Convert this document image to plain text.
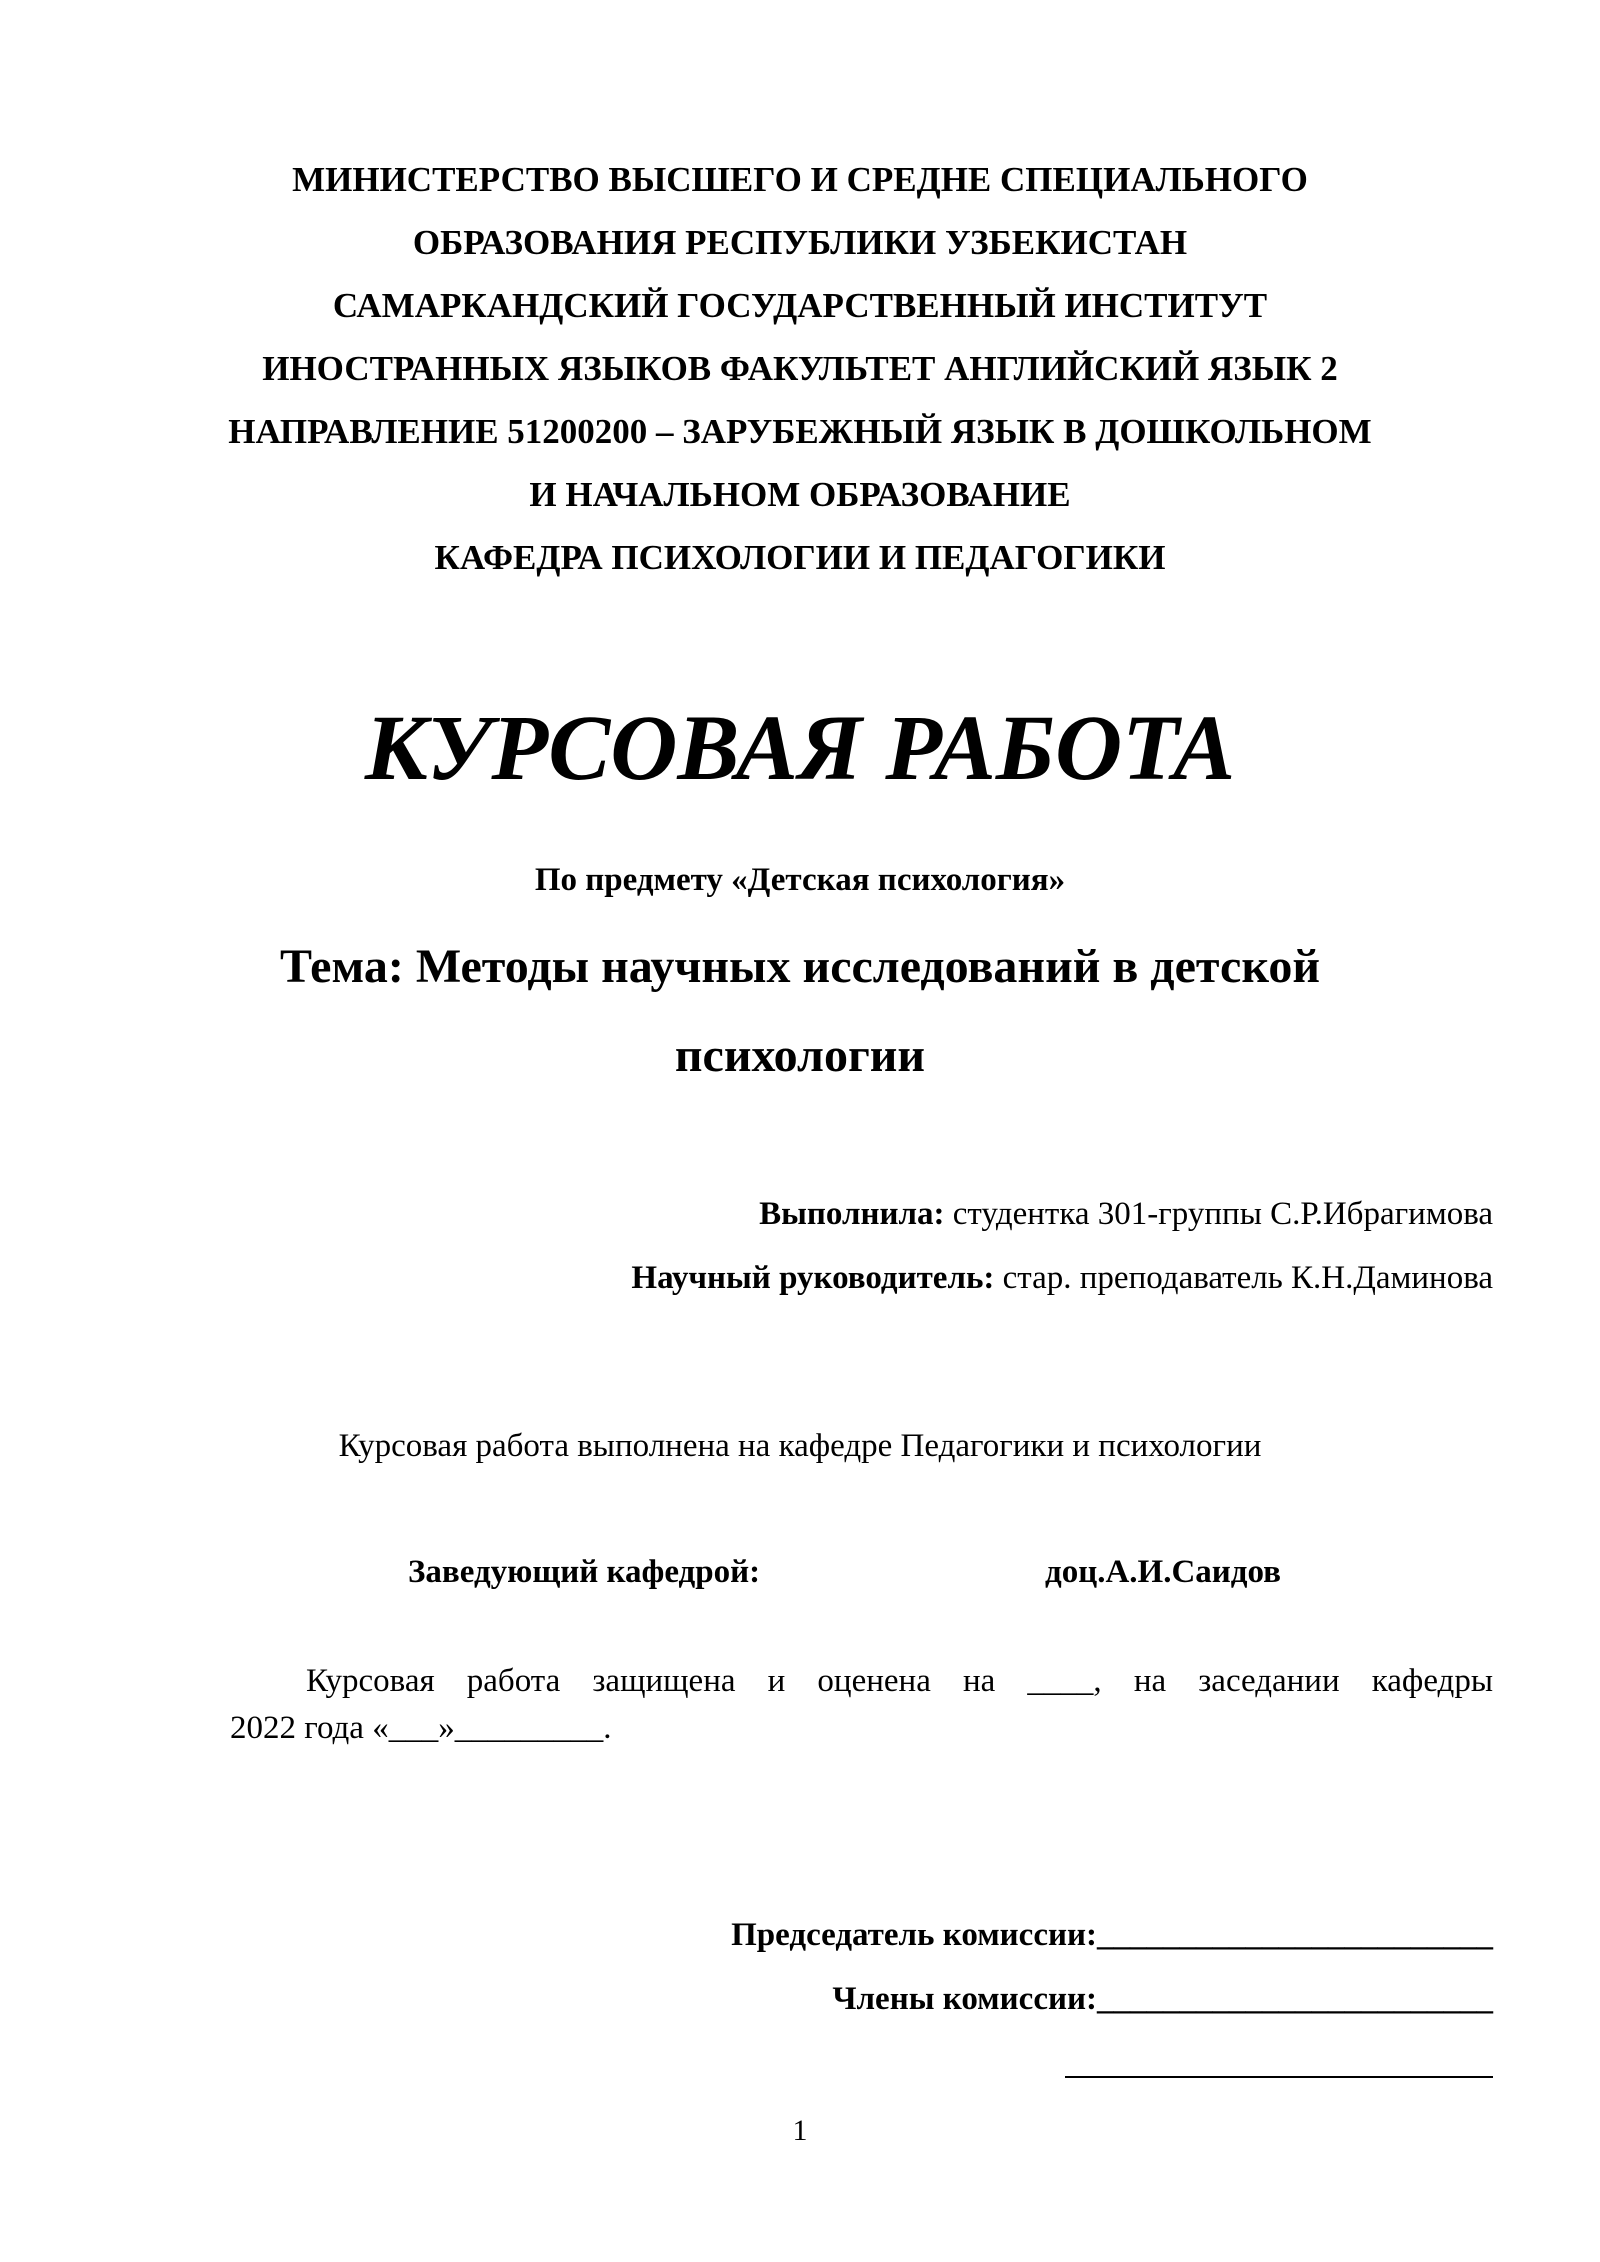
МИНИСТЕРСТВО ВЫСШЕГО И СРЕДНЕ СПЕЦИАЛЬНОГО
ОБРАЗОВАНИЯ РЕСПУБЛИКИ УЗБЕКИСТАН
САМАРКАНДСКИЙ ГОСУДАРСТВЕННЫЙ ИНСТИТУТ
ИНОСТРАННЫХ ЯЗЫКОВ ФАКУЛЬТЕТ АНГЛИЙСКИЙ ЯЗЫК 2
НАПРАВЛЕНИЕ 51200200 – ЗАРУБЕЖНЫЙ ЯЗЫК В ДОШКОЛЬНОМ
И НАЧАЛЬНОМ ОБРАЗОВАНИЕ
КАФЕДРА ПСИХОЛОГИИ И ПЕДАГОГИКИ
КУРСОВАЯ РАБОТА
По предмету «Детская психология»
Тема: Методы научных исследований в детской
психологии
Выполнила: студентка 301-группы С.Р.Ибрагимова
Научный руководитель: стар. преподаватель К.Н.Даминова
Курсовая работа выполнена на кафедре Педагогики и психологии
Заведующий кафедрой:	доц.А.И.Саидов
Курсовая работа защищена и оценена на ____, на заседании кафедры
2022 года «___»_________.
Председатель комиссии:________________________
Члены комиссии:________________________
1
